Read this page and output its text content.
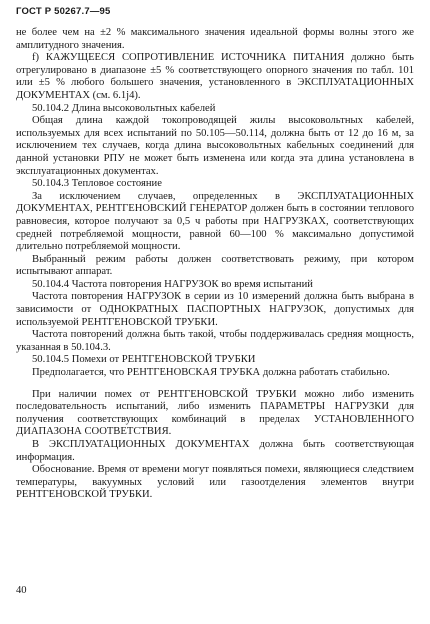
ГОСТ Р 50267.7—95

не более чем на ±2 % максимального значения идеальной формы волны этого же амплитудного значения.

f) КАЖУЩЕЕСЯ СОПРОТИВЛЕНИЕ ИСТОЧНИКА ПИТАНИЯ должно быть отрегулировано в диапазоне ±5 % соответствующего опорного значения по табл. 101 или ±5 % любого большего значения, установленного в ЭКСПЛУАТАЦИОННЫХ ДОКУМЕНТАХ (см. 6.1j4).

50.104.2 Длина высоковольтных кабелей

Общая длина каждой токопроводящей жилы высоковольтных кабелей, используемых для всех испытаний по 50.105—50.114, должна быть от 12 до 16 м, за исключением тех случаев, когда длина высоковольтных кабельных соединений для данной установки РПУ не может быть изменена или когда эта длина установлена в эксплуатационных документах.

50.104.3 Тепловое состояние

За исключением случаев, определенных в ЭКСПЛУАТАЦИОННЫХ ДОКУМЕНТАХ, РЕНТГЕНОВСКИЙ ГЕНЕРАТОР должен быть в состоянии теплового равновесия, которое получают за 0,5 ч работы при НАГРУЗКАХ, соответствующих средней потребляемой мощности, равной 60—100 % максимально допустимой длительно потребляемой мощности.

Выбранный режим работы должен соответствовать режиму, при котором испытывают аппарат.

50.104.4 Частота повторения НАГРУЗОК во время испытаний

Частота повторения НАГРУЗОК в серии из 10 измерений должна быть выбрана в зависимости от ОДНОКРАТНЫХ ПАСПОРТНЫХ НАГРУЗОК, допустимых для используемой РЕНТГЕНОВСКОЙ ТРУБКИ.

Частота повторений должна быть такой, чтобы поддерживалась средняя мощность, указанная в 50.104.3.

50.104.5 Помехи от РЕНТГЕНОВСКОЙ ТРУБКИ

Предполагается, что РЕНТГЕНОВСКАЯ ТРУБКА должна работать стабильно.

При наличии помех от РЕНТГЕНОВСКОЙ ТРУБКИ можно либо изменить последовательность испытаний, либо изменить ПАРАМЕТРЫ НАГРУЗКИ для получения соответствующих комбинаций в пределах УСТАНОВЛЕННОГО ДИАПАЗОНА СООТВЕТСТВИЯ.

В ЭКСПЛУАТАЦИОННЫХ ДОКУМЕНТАХ должна быть соответствующая информация.

Обоснование. Время от времени могут появляться помехи, являющиеся следствием температуры, вакуумных условий или газоотделения элементов внутри РЕНТГЕНОВСКОЙ ТРУБКИ.

40
